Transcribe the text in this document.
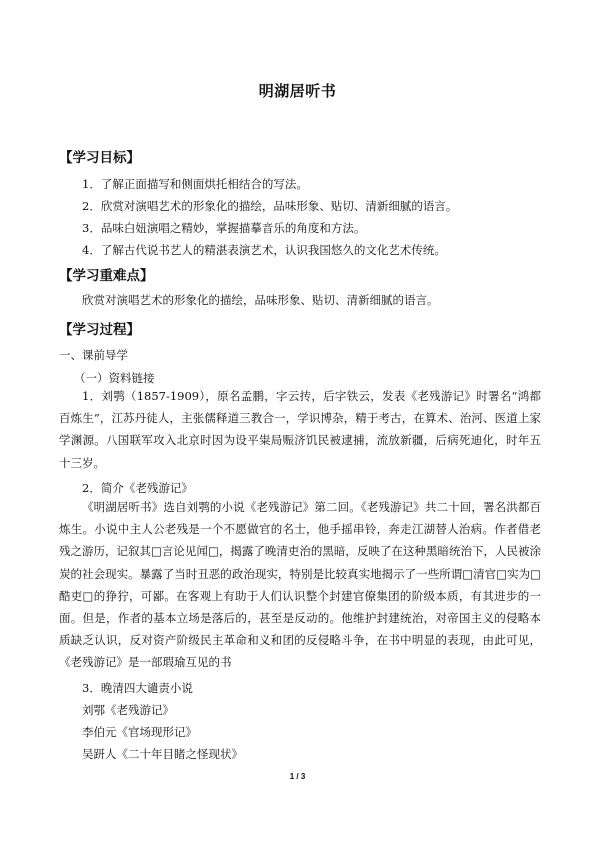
明湖居听书
【学习目标】
1．了解正面描写和侧面烘托相结合的写法。
2．欣赏对演唱艺术的形象化的描绘，品味形象、贴切、清新细腻的语言。
3．品味白妞演唱之精妙，掌握描摹音乐的角度和方法。
4．了解古代说书艺人的精湛表演艺术，认识我国悠久的文化艺术传统。
【学习重难点】
欣赏对演唱艺术的形象化的描绘，品味形象、贴切、清新细腻的语言。
【学习过程】
一、课前导学
（一）资料链接

1．刘鹗（1857-1909），原名孟鹏，字云抟，后字铁云，发表《老残游记》时署名“鸿都百炼生”，江苏丹徒人，主张儒释道三教合一，学识博杂，精于考古，在算术、治河、医道上家学渊源。八国联军攻入北京时因为设平粜局赈济饥民被逮捕，流放新疆，后病死迪化，时年五十三岁。

2．简介《老残游记》

《明湖居听书》选自刘鹗的小说《老残游记》第二回。《老残游记》共二十回，署名洪都百炼生。小说中主人公老残是一个不愿做官的名士，他手摇串铃，奔走江湖替人治病。作者借老残之游历，记叙其□言论见闻□，揭露了晚清吏治的黑暗，反映了在这种黑暗统治下，人民被涂炭的社会现实。暴露了当时丑恶的政治现实，特别是比较真实地揭示了一些所谓□清官□实为□酷吏□的狰狞，可鄙。在客观上有助于人们认识整个封建官僚集团的阶级本质，有其进步的一面。但是，作者的基本立场是落后的，甚至是反动的。他维护封建统治，对帝国主义的侵略本质缺乏认识，反对资产阶级民主革命和义和团的反侵略斗争，在书中明显的表现，由此可见，《老残游记》是一部瑕瑜互见的书

3．晚清四大谴责小说
刘鄂《老残游记》
李伯元《官场现形记》
吴趼人《二十年目睹之怪现状》
1 / 3
